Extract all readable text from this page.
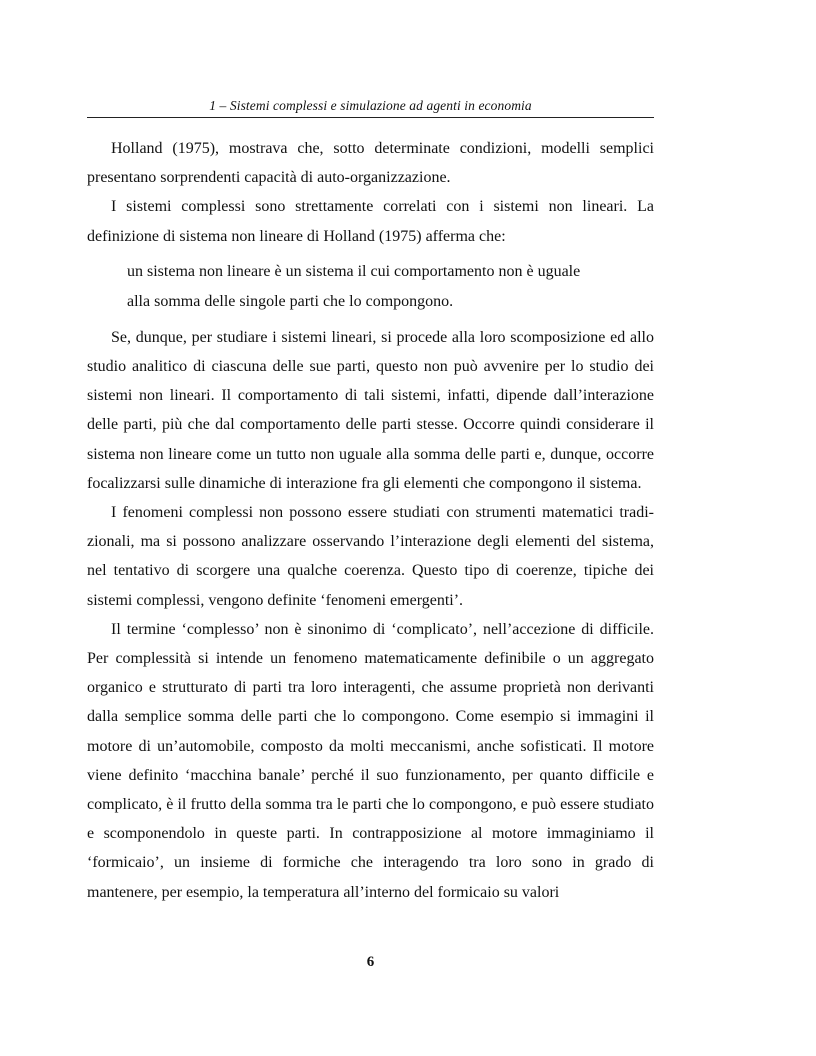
1 – Sistemi complessi e simulazione ad agenti in economia

Holland (1975), mostrava che, sotto determinate condizioni, modelli semplici presentano sorprendenti capacità di auto-organizzazione.

I sistemi complessi sono strettamente correlati con i sistemi non lineari. La definizione di sistema non lineare di Holland (1975) afferma che:

un sistema non lineare è un sistema il cui comportamento non è uguale

alla somma delle singole parti che lo compongono.

Se, dunque, per studiare i sistemi lineari, si procede alla loro scomposizione ed allo studio analitico di ciascuna delle sue parti, questo non può avvenire per lo studio dei sistemi non lineari. Il comportamento di tali sistemi, infatti, dipende dall’interazione delle parti, più che dal comportamento delle parti stesse. Occorre quindi considerare il sistema non lineare come un tutto non uguale alla somma delle parti e, dunque, occorre focalizzarsi sulle dinamiche di interazione fra gli elementi che compongono il sistema.

I fenomeni complessi non possono essere studiati con strumenti matematici tradizionali, ma si possono analizzare osservando l’interazione degli elementi del sistema, nel tentativo di scorgere una qualche coerenza. Questo tipo di coerenze, tipiche dei sistemi complessi, vengono definite ‘fenomeni emergenti’.

Il termine ‘complesso’ non è sinonimo di ‘complicato’, nell’accezione di difficile. Per complessità si intende un fenomeno matematicamente definibile o un aggregato organico e strutturato di parti tra loro interagenti, che assume proprietà non derivanti dalla semplice somma delle parti che lo compongono. Come esempio si immagini il motore di un’automobile, composto da molti meccanismi, anche sofisticati. Il motore viene definito ‘macchina banale’ perché il suo funzionamento, per quanto difficile e complicato, è il frutto della somma tra le parti che lo compongono, e può essere studiato e scomponendolo in queste parti. In contrapposizione al motore immaginiamo il ‘formicaio’, un insieme di formiche che interagendo tra loro sono in grado di mantenere, per esempio, la temperatura all’interno del formicaio su valori

6
